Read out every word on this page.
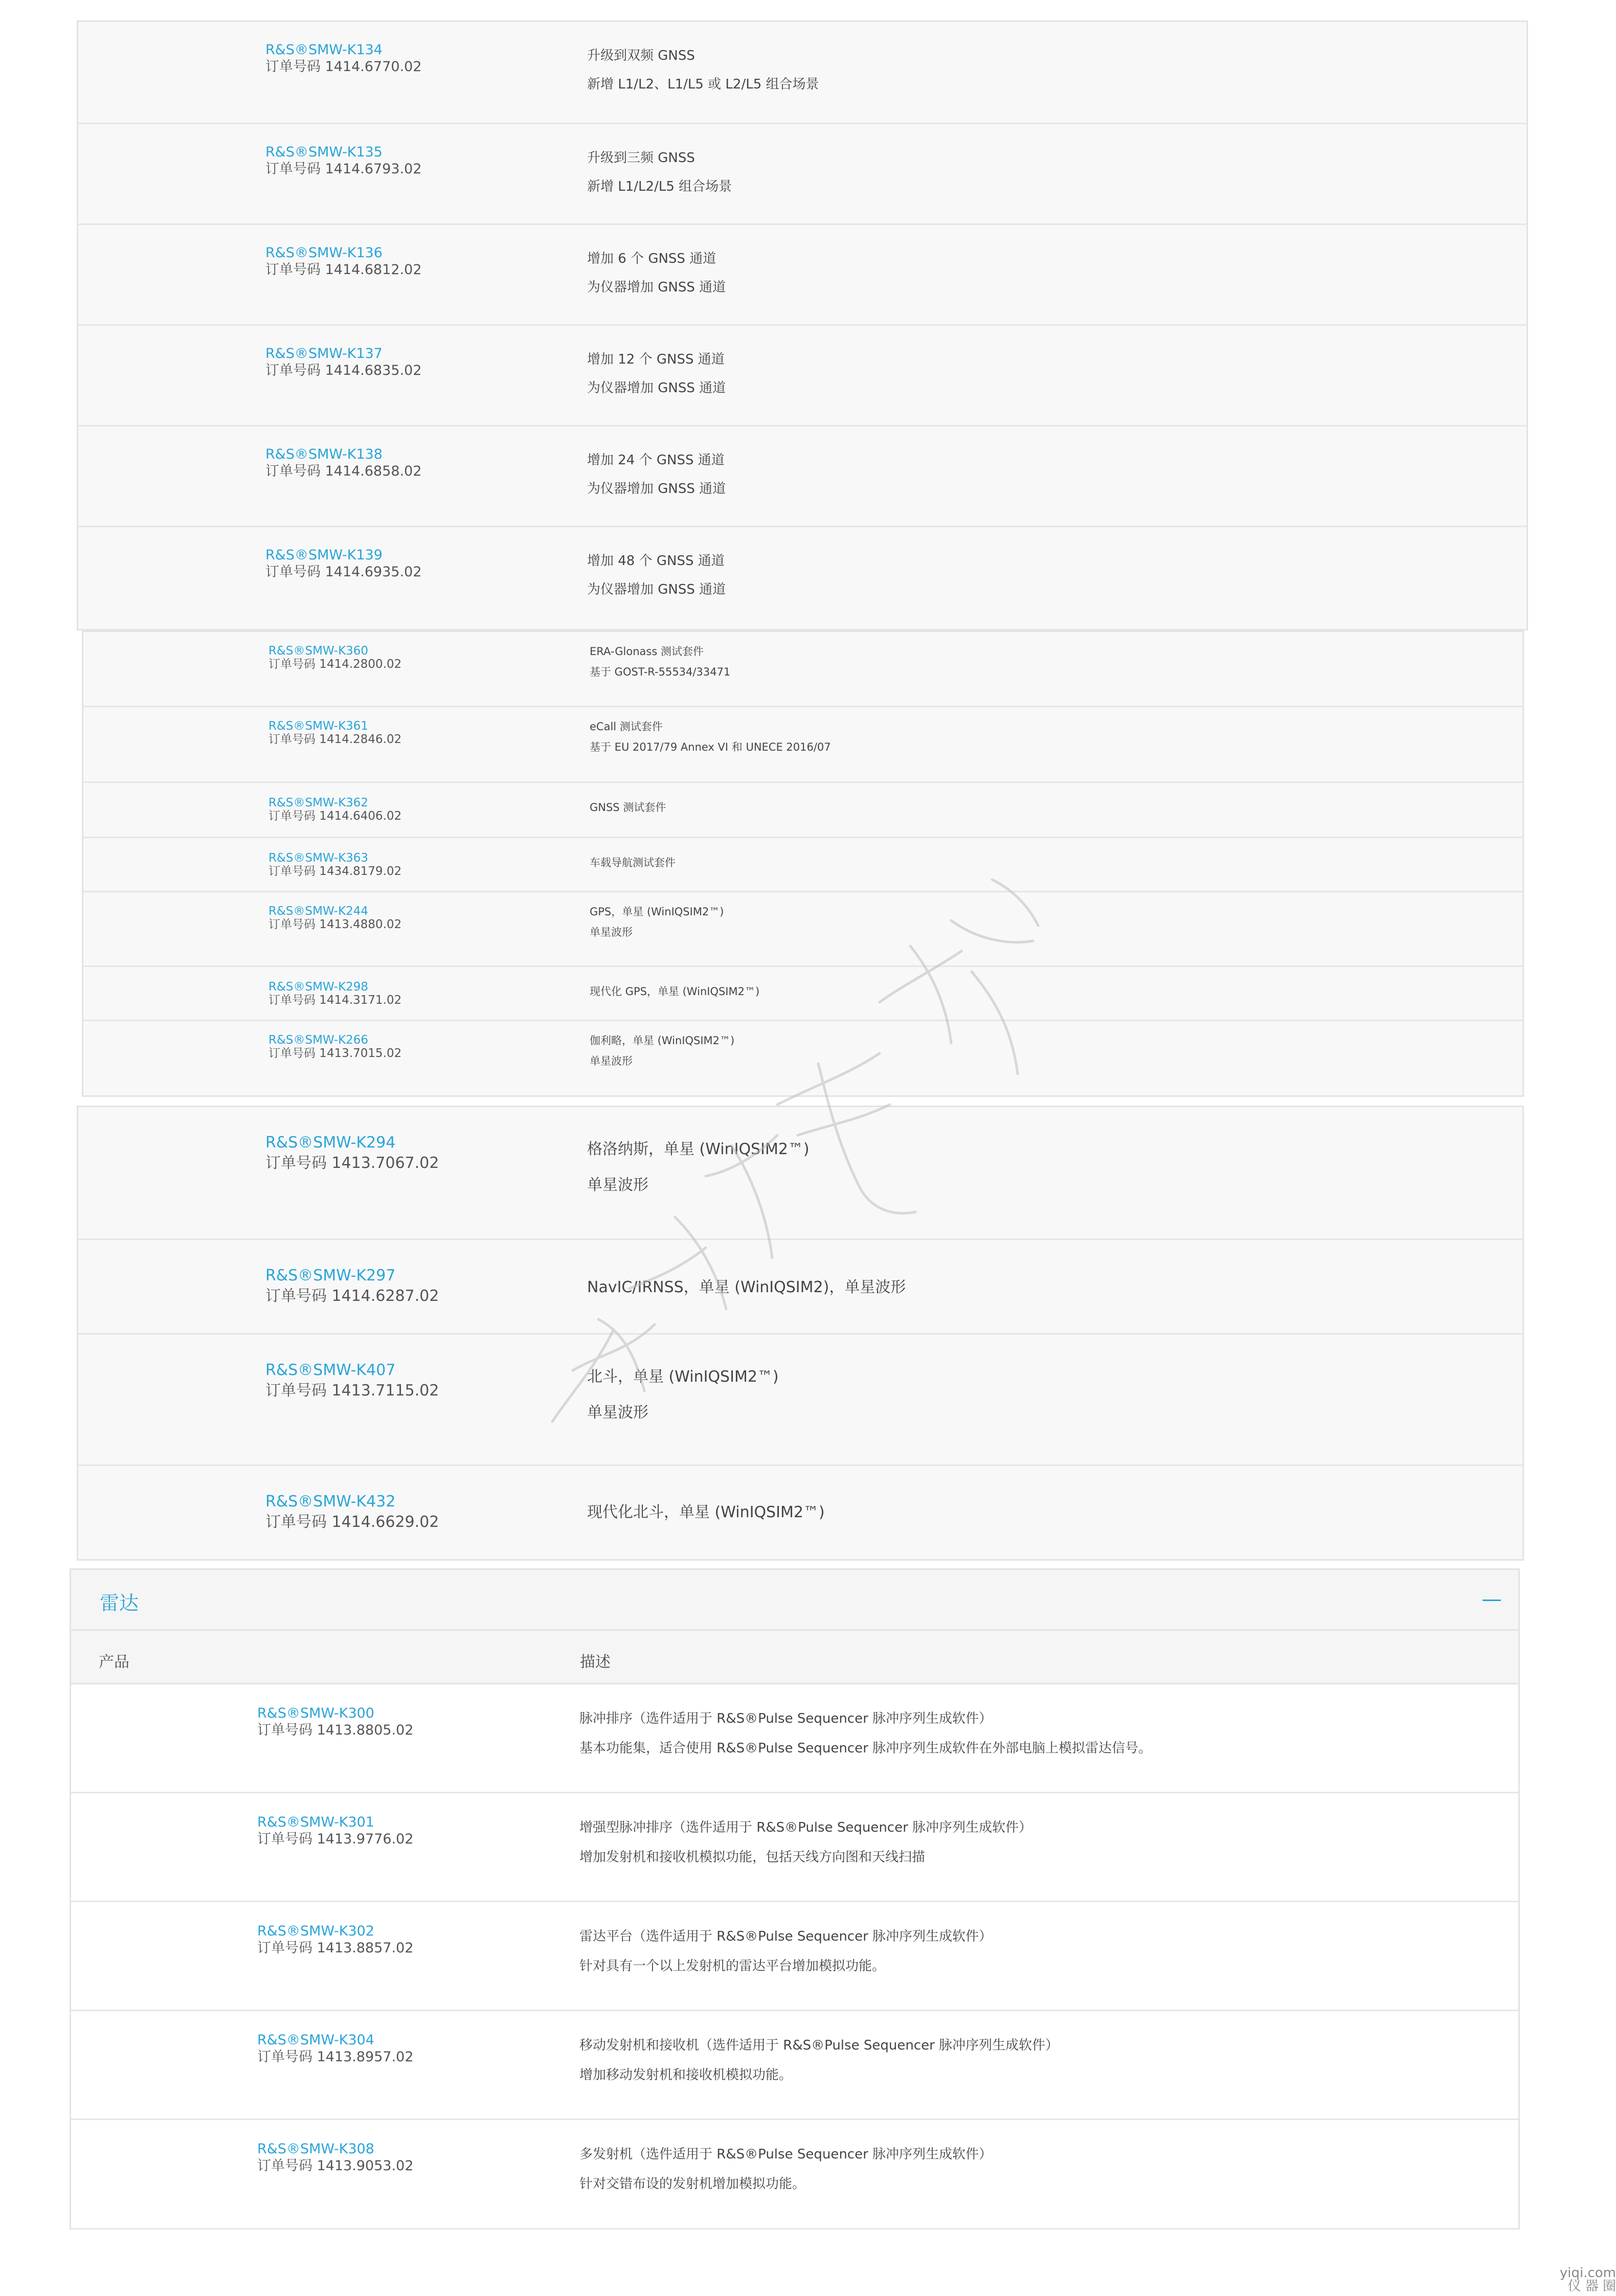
R&S®SMW-K134
订单号码 1414.6770.02
升级到双频 GNSS
新增 L1/L2、L1/L5 或 L2/L5 组合场景
R&S®SMW-K135
订单号码 1414.6793.02
升级到三频 GNSS
新增 L1/L2/L5 组合场景
R&S®SMW-K136
订单号码 1414.6812.02
增加 6 个 GNSS 通道
为仪器增加 GNSS 通道
R&S®SMW-K137
订单号码 1414.6835.02
增加 12 个 GNSS 通道
为仪器增加 GNSS 通道
R&S®SMW-K138
订单号码 1414.6858.02
增加 24 个 GNSS 通道
为仪器增加 GNSS 通道
R&S®SMW-K139
订单号码 1414.6935.02
增加 48 个 GNSS 通道
为仪器增加 GNSS 通道
R&S®SMW-K360
订单号码 1414.2800.02
ERA-Glonass 测试套件
基于 GOST-R-55534/33471
R&S®SMW-K361
订单号码 1414.2846.02
eCall 测试套件
基于 EU 2017/79 Annex VI 和 UNECE 2016/07
R&S®SMW-K362
订单号码 1414.6406.02
GNSS 测试套件
R&S®SMW-K363
订单号码 1434.8179.02
车载导航测试套件
R&S®SMW-K244
订单号码 1413.4880.02
GPS，单星 (WinIQSIM2™)
单星波形
R&S®SMW-K298
订单号码 1414.3171.02
现代化 GPS，单星 (WinIQSIM2™)
R&S®SMW-K266
订单号码 1413.7015.02
伽利略，单星 (WinIQSIM2™)
单星波形
R&S®SMW-K294
订单号码 1413.7067.02
格洛纳斯，单星 (WinIQSIM2™)
单星波形
R&S®SMW-K297
订单号码 1414.6287.02	NavIC/IRNSS，单星 (WinIQSIM2)，单星波形
R&S®SMW-K407
订单号码 1413.7115.02
北斗，单星 (WinIQSIM2™)
单星波形
R&S®SMW-K432
订单号码 1414.6629.02
现代化北斗，单星 (WinIQSIM2™)
雷达
产品	描述
R&S®SMW-K300
订单号码 1413.8805.02
脉冲排序（选件适用于 R&S®Pulse Sequencer 脉冲序列生成软件）
基本功能集，适合使用 R&S®Pulse Sequencer 脉冲序列生成软件在外部电脑上模拟雷达信号。
R&S®SMW-K301
订单号码 1413.9776.02
增强型脉冲排序（选件适用于 R&S®Pulse Sequencer 脉冲序列生成软件）
增加发射机和接收机模拟功能，包括天线方向图和天线扫描
R&S®SMW-K302
订单号码 1413.8857.02
雷达平台（选件适用于 R&S®Pulse Sequencer 脉冲序列生成软件）
针对具有一个以上发射机的雷达平台增加模拟功能。
R&S®SMW-K304
订单号码 1413.8957.02
移动发射机和接收机（选件适用于 R&S®Pulse Sequencer 脉冲序列生成软件）
增加移动发射机和接收机模拟功能。
R&S®SMW-K308
订单号码 1413.9053.02
多发射机（选件适用于 R&S®Pulse Sequencer 脉冲序列生成软件）
针对交错布设的发射机增加模拟功能。
yiqi.com
仪 器 圈
